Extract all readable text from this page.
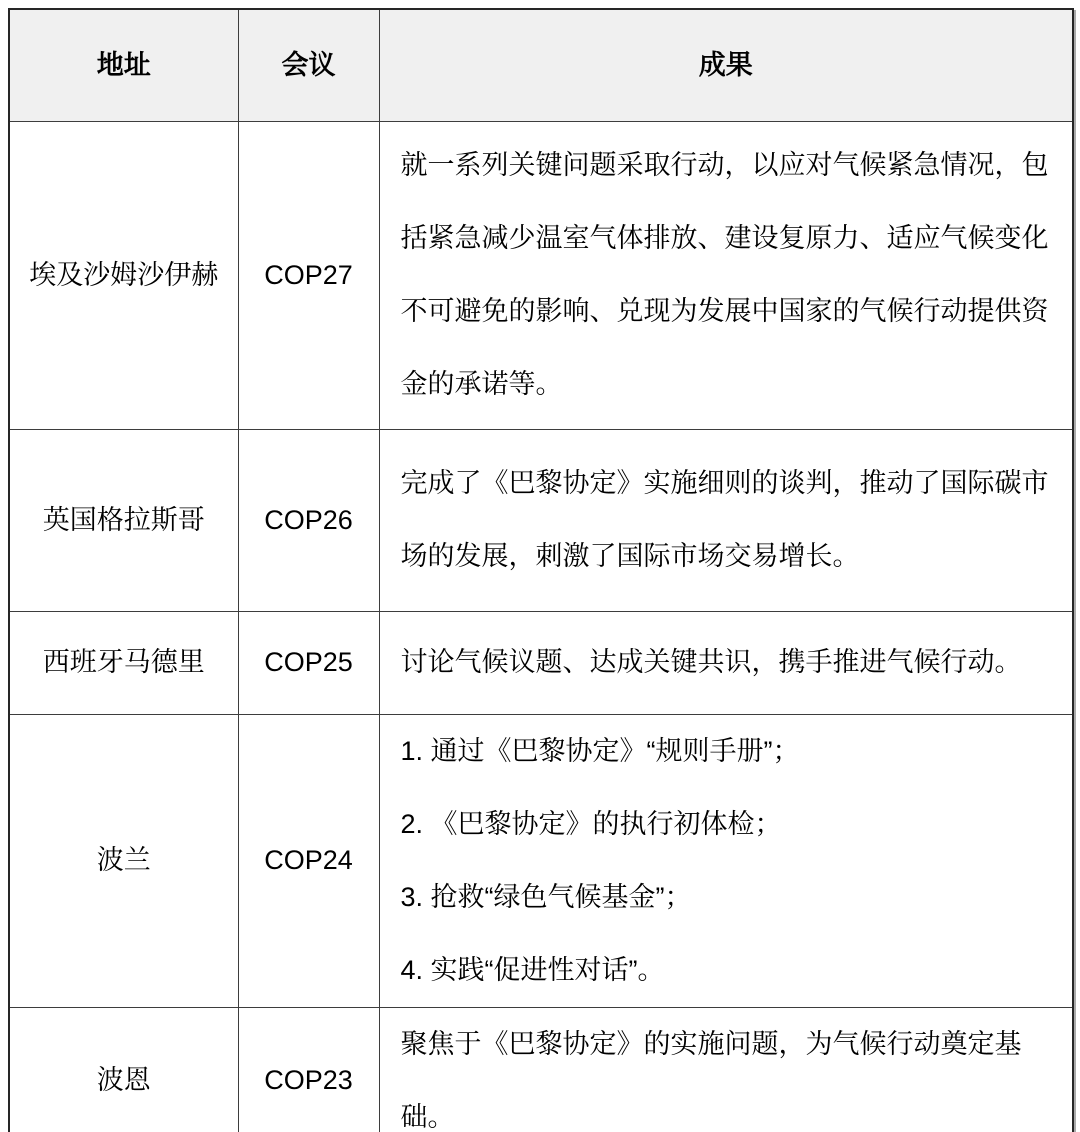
地址	会议	成果
埃及沙姆沙伊赫	COP27	就一系列关键问题采取行动，以应对气候紧急情况，包括紧急减少温室气体排放、建设复原力、适应气候变化不可避免的影响、兑现为发展中国家的气候行动提供资金的承诺等。

英国格拉斯哥	COP26	完成了《巴黎协定》实施细则的谈判，推动了国际碳市场的发展，刺激了国际市场交易增长。

西班牙马德里	COP25	讨论气候议题、达成关键共识，携手推进气候行动。

波兰	COP24	1. 通过《巴黎协定》“规则手册”；
2. 《巴黎协定》的执行初体检；
3. 抢救“绿色气候基金”；
4. 实践“促进性对话”。

波恩	COP23	聚焦于《巴黎协定》的实施问题，为气候行动奠定基础。
